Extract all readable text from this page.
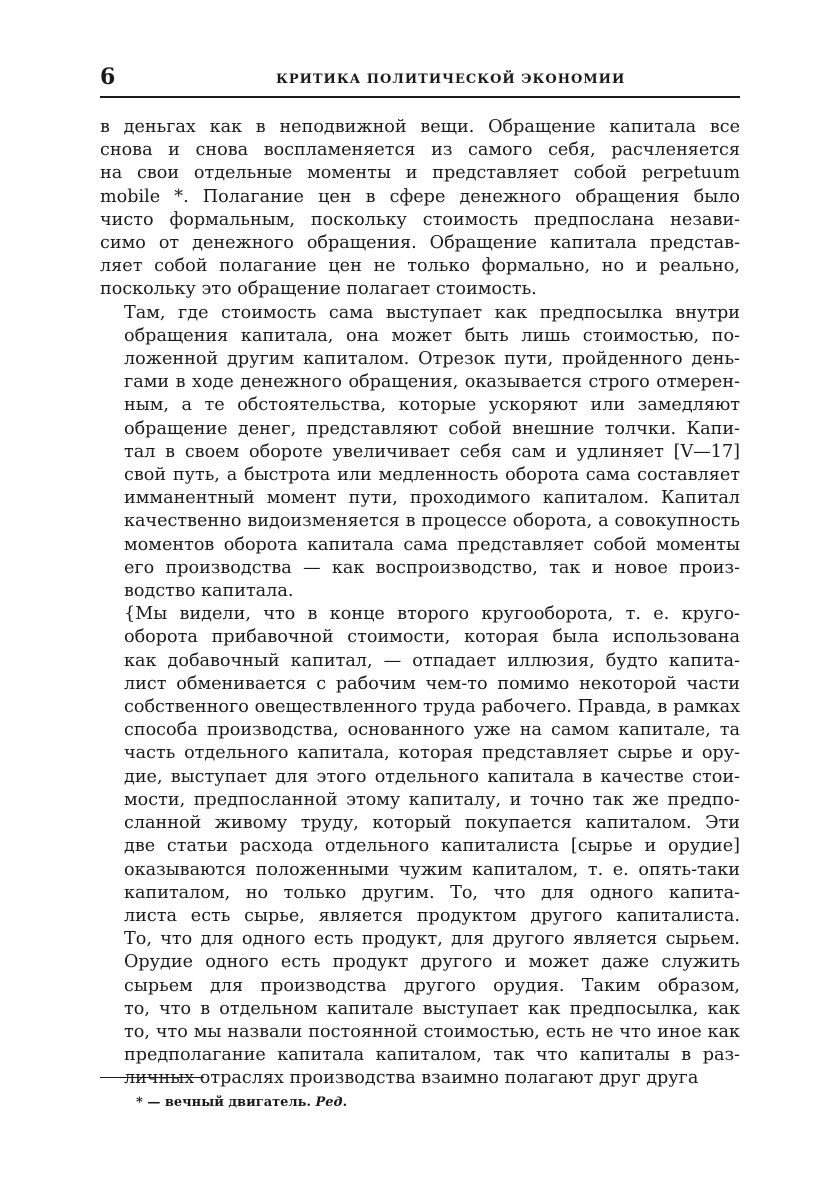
6	КРИТИКА ПОЛИТИЧЕСКОЙ ЭКОНОМИИ

в деньгах как в неподвижной вещи. Обращение капитала все
снова и снова воспламеняется из самого себя, расчленяется
на свои отдельные моменты и представляет собой perpetuum
mobile *. Полагание цен в сфере денежного обращения было
чисто формальным, поскольку стоимость предпослана незави-
симо от денежного обращения. Обращение капитала представ-
ляет собой полагание цен не только формально, но и реально,
поскольку это обращение полагает стоимость.

Там, где стоимость сама выступает как предпосылка внутри
обращения капитала, она может быть лишь стоимостью, по-
ложенной другим капиталом. Отрезок пути, пройденного день-
гами в ходе денежного обращения, оказывается строго отмерен-
ным, а те обстоятельства, которые ускоряют или замедляют
обращение денег, представляют собой внешние толчки. Капи-
тал в своем обороте увеличивает себя сам и удлиняет [V—17]
свой путь, а быстрота или медленность оборота сама составляет
имманентный момент пути, проходимого капиталом. Капитал
качественно видоизменяется в процессе оборота, а совокупность
моментов оборота капитала сама представляет собой моменты
его производства — как воспроизводство, так и новое произ-
водство капитала.

{Мы видели, что в конце второго кругооборота, т. е. круго-
оборота прибавочной стоимости, которая была использована
как добавочный капитал, — отпадает иллюзия, будто капита-
лист обменивается с рабочим чем-то помимо некоторой части
собственного овеществленного труда рабочего. Правда, в рамках
способа производства, основанного уже на самом капитале, та
часть отдельного капитала, которая представляет сырье и ору-
дие, выступает для этого отдельного капитала в качестве стои-
мости, предпосланной этому капиталу, и точно так же предпо-
сланной живому труду, который покупается капиталом. Эти
две статьи расхода отдельного капиталиста [сырье и орудие]
оказываются положенными чужим капиталом, т. е. опять-таки
капиталом, но только другим. То, что для одного капита-
листа есть сырье, является продуктом другого капиталиста.
То, что для одного есть продукт, для другого является сырьем.
Орудие одного есть продукт другого и может даже служить
сырьем для производства другого орудия. Таким образом,
то, что в отдельном капитале выступает как предпосылка, как
то, что мы назвали постоянной стоимостью, есть не что иное как
предполагание капитала капиталом, так что капиталы в раз-
личных отраслях производства взаимно полагают друг друга

* — вечный двигатель. Ред.
